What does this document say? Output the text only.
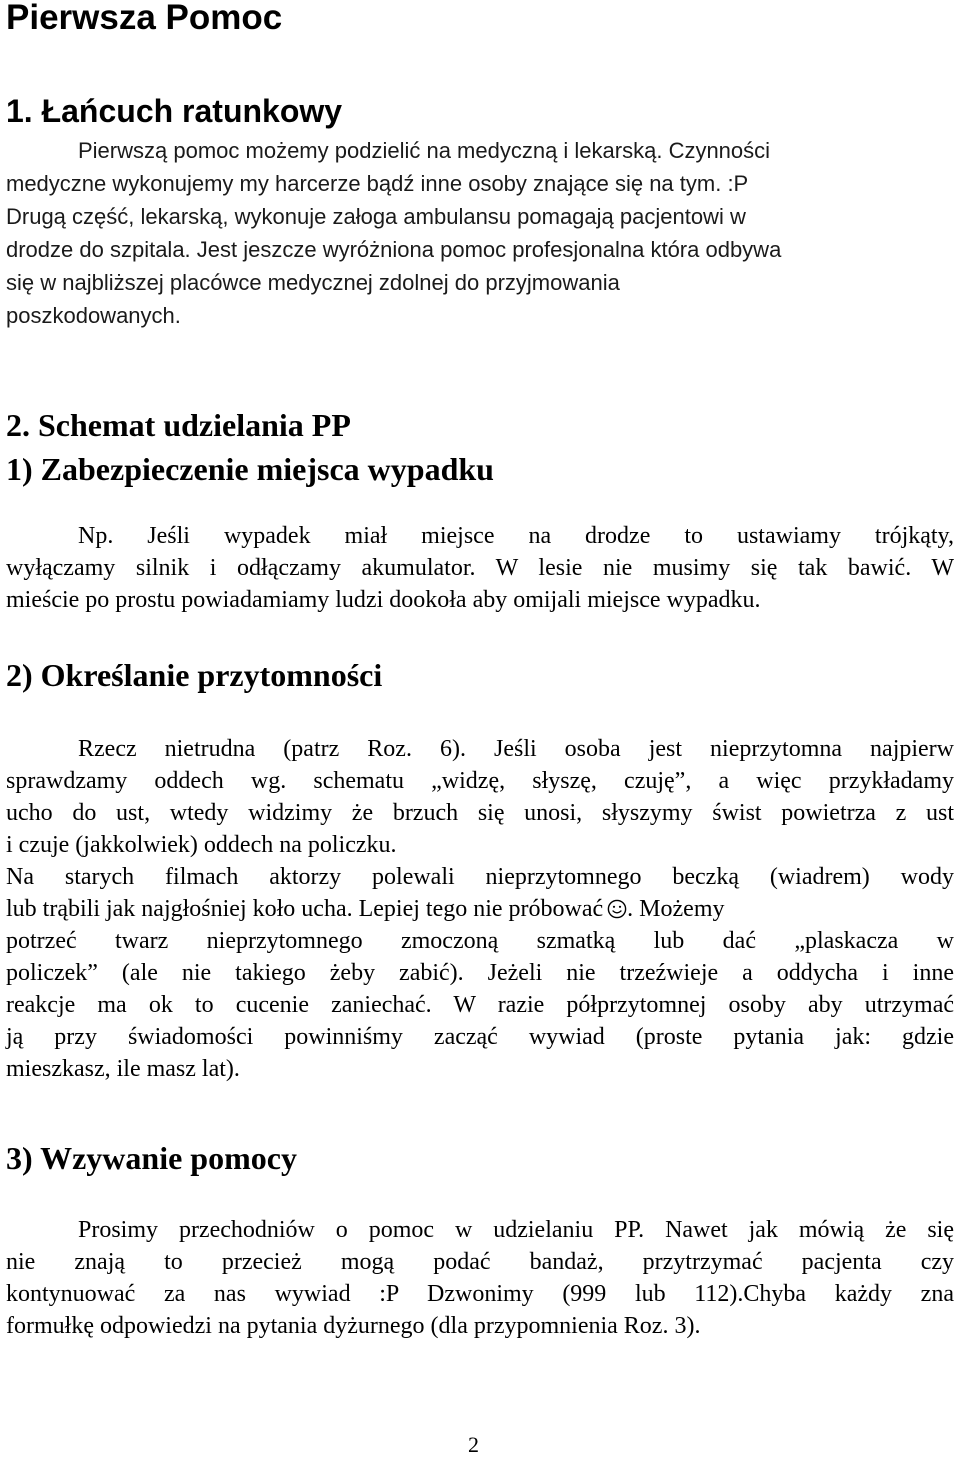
Pierwsza Pomoc
1. Łańcuch ratunkowy
Pierwszą pomoc możemy podzielić na medyczną i lekarską. Czynności
medyczne wykonujemy my harcerze bądź inne osoby znające się na tym. :P
Drugą część, lekarską, wykonuje załoga ambulansu pomagają pacjentowi w
drodze do szpitala. Jest jeszcze wyróżniona pomoc profesjonalna która odbywa
się w najbliższej placówce medycznej zdolnej do przyjmowania
poszkodowanych.
2. Schemat udzielania PP
1) Zabezpieczenie miejsca wypadku
Np. Jeśli wypadek miał miejsce na drodze to ustawiamy trójkąty,
wyłączamy silnik i odłączamy akumulator. W lesie nie musimy się tak bawić. W
mieście po prostu powiadamiamy ludzi dookoła aby omijali miejsce wypadku.
2) Określanie przytomności
Rzecz nietrudna (patrz Roz. 6). Jeśli osoba jest nieprzytomna najpierw
sprawdzamy oddech wg. schematu „widzę, słyszę, czuję”, a więc przykładamy
ucho do ust, wtedy widzimy że brzuch się unosi, słyszymy świst powietrza z ust
i czuje (jakkolwiek) oddech na policzku.
Na starych filmach aktorzy polewali nieprzytomnego beczką (wiadrem) wody
lub trąbili jak najgłośniej koło ucha. Lepiej tego nie próbować . Możemy
potrzeć twarz nieprzytomnego zmoczoną szmatką lub dać „plaskacza w
policzek” (ale nie takiego żeby zabić). Jeżeli nie trzeźwieje a oddycha i inne
reakcje ma ok to cucenie zaniechać. W razie półprzytomnej osoby aby utrzymać
ją przy świadomości powinniśmy zacząć wywiad (proste pytania jak: gdzie
mieszkasz, ile masz lat).
3) Wzywanie pomocy
Prosimy przechodniów o pomoc w udzielaniu PP. Nawet jak mówią że się
nie znają to przecież mogą podać bandaż, przytrzymać pacjenta czy
kontynuować za nas wywiad :P Dzwonimy (999 lub 112).Chyba każdy zna
formułkę odpowiedzi na pytania dyżurnego (dla przypomnienia Roz. 3).
2
